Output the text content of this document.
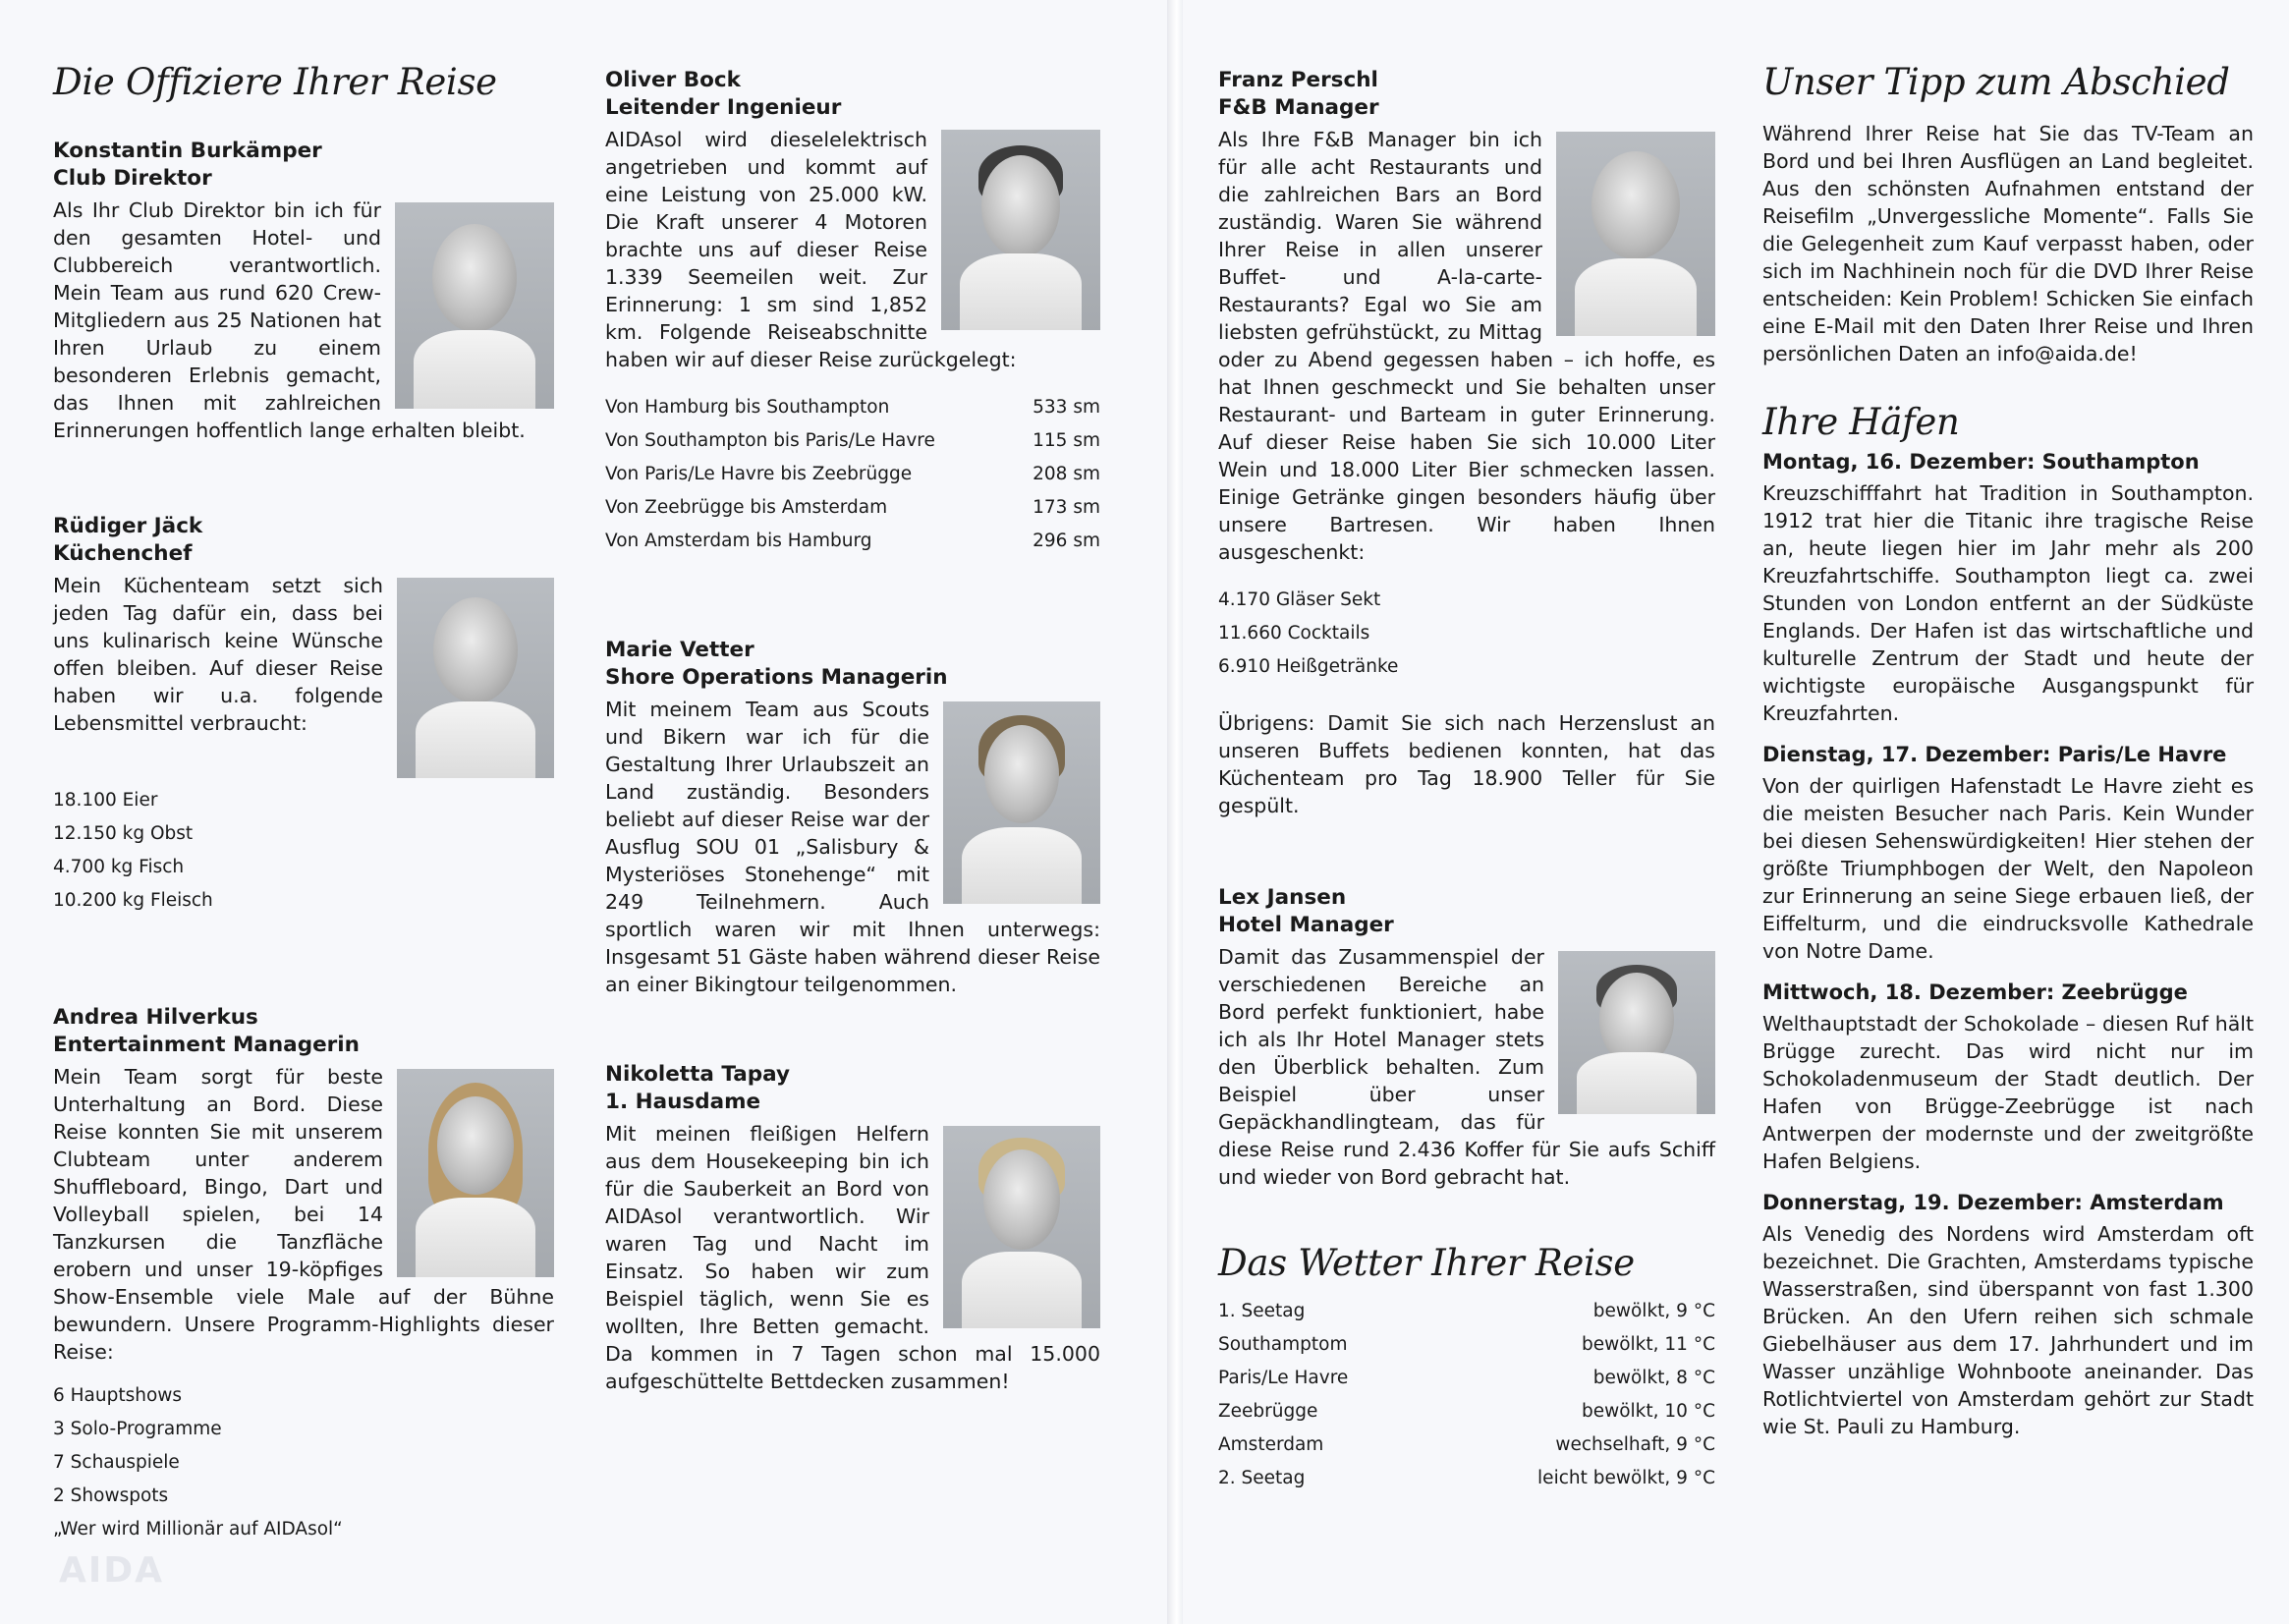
Die Offiziere Ihrer Reise

Konstantin Burkämper

Club Direktor

Als Ihr Club Direktor bin ich für den gesamten Hotel- und Clubbereich verantwortlich. Mein Team aus rund 620 Crew-Mitgliedern aus 25 Nationen hat Ihren Urlaub zu einem besonderen Erlebnis gemacht, das Ihnen mit zahlreichen Erinnerungen hoffentlich lange erhalten bleibt.

Rüdiger Jäck

Küchenchef

Mein Küchenteam setzt sich jeden Tag dafür ein, dass bei uns kulinarisch keine Wünsche offen bleiben. Auf dieser Reise haben wir u.a. folgende Lebensmittel verbraucht:

18.100 Eier
12.150 kg Obst
4.700 kg Fisch
10.200 kg Fleisch

Andrea Hilverkus

Entertainment Managerin

Mein Team sorgt für beste Unterhaltung an Bord. Diese Reise konnten Sie mit unserem Clubteam unter anderem Shuffleboard, Bingo, Dart und Volleyball spielen, bei 14 Tanzkursen die Tanzfläche erobern und unser 19-köpfiges Show-Ensemble viele Male auf der Bühne bewundern. Unsere Programm-Highlights dieser Reise:

6 Hauptshows
3 Solo-Programme
7 Schauspiele
2 Showspots
„Wer wird Millionär auf AIDAsol“

Oliver Bock

Leitender Ingenieur

AIDAsol wird dieselelektrisch angetrieben und kommt auf eine Leistung von 25.000 kW. Die Kraft unserer 4 Motoren brachte uns auf dieser Reise 1.339 Seemeilen weit. Zur Erinnerung: 1 sm sind 1,852 km. Folgende Reiseabschnitte haben wir auf dieser Reise zurückgelegt:

Von Hamburg bis Southampton	533 sm
Von Southampton bis Paris/Le Havre	115 sm
Von Paris/Le Havre bis Zeebrügge	208 sm
Von Zeebrügge bis Amsterdam	173 sm
Von Amsterdam bis Hamburg	296 sm

Marie Vetter

Shore Operations Managerin

Mit meinem Team aus Scouts und Bikern war ich für die Gestaltung Ihrer Urlaubszeit an Land zuständig. Besonders beliebt auf dieser Reise war der Ausflug SOU 01 „Salisbury & Mysteriöses Stonehenge“ mit 249 Teilnehmern. Auch sportlich waren wir mit Ihnen unterwegs: Insgesamt 51 Gäste haben während dieser Reise an einer Bikingtour teilgenommen.

Nikoletta Tapay

1. Hausdame

Mit meinen fleißigen Helfern aus dem Housekeeping bin ich für die Sauberkeit an Bord von AIDAsol verantwortlich. Wir waren Tag und Nacht im Einsatz. So haben wir zum Beispiel täglich, wenn Sie es wollten, Ihre Betten gemacht. Da kommen in 7 Tagen schon mal 15.000 aufgeschüttelte Bettdecken zusammen!

AIDA

Franz Perschl

F&B Manager

Als Ihre F&B Manager bin ich für alle acht Restaurants und die zahlreichen Bars an Bord zuständig. Waren Sie während Ihrer Reise in allen unserer Buffet- und A-la-carte-Restaurants? Egal wo Sie am liebsten gefrühstückt, zu Mittag oder zu Abend gegessen haben – ich hoffe, es hat Ihnen geschmeckt und Sie behalten unser Restaurant- und Barteam in guter Erinnerung. Auf dieser Reise haben Sie sich 10.000 Liter Wein und 18.000 Liter Bier schmecken lassen. Einige Getränke gingen besonders häufig über unsere Bartresen. Wir haben Ihnen ausgeschenkt:

4.170 Gläser Sekt
11.660 Cocktails
6.910 Heißgetränke

Übrigens: Damit Sie sich nach Herzenslust an unseren Buffets bedienen konnten, hat das Küchenteam pro Tag 18.900 Teller für Sie gespült.

Lex Jansen

Hotel Manager

Damit das Zusammenspiel der verschiedenen Bereiche an Bord perfekt funktioniert, habe ich als Ihr Hotel Manager stets den Überblick behalten. Zum Beispiel über unser Gepäckhandlingteam, das für diese Reise rund 2.436 Koffer für Sie aufs Schiff und wieder von Bord gebracht hat.

Das Wetter Ihrer Reise
1. Seetag	bewölkt, 9 °C
Southamptom	bewölkt, 11 °C
Paris/Le Havre	bewölkt, 8 °C
Zeebrügge	bewölkt, 10 °C
Amsterdam	wechselhaft, 9 °C
2. Seetag	leicht bewölkt, 9 °C
Unser Tipp zum Abschied

Während Ihrer Reise hat Sie das TV-Team an Bord und bei Ihren Ausflügen an Land begleitet. Aus den schönsten Aufnahmen entstand der Reisefilm „Unvergessliche Momente“. Falls Sie die Gelegenheit zum Kauf verpasst haben, oder sich im Nachhinein noch für die DVD Ihrer Reise entscheiden: Kein Problem! Schicken Sie einfach eine E-Mail mit den Daten Ihrer Reise und Ihren persönlichen Daten an info@aida.de!

Ihre Häfen

Montag, 16. Dezember: Southampton

Kreuzschifffahrt hat Tradition in Southampton. 1912 trat hier die Titanic ihre tragische Reise an, heute liegen hier im Jahr mehr als 200 Kreuzfahrtschiffe. Southampton liegt ca. zwei Stunden von London entfernt an der Südküste Englands. Der Hafen ist das wirtschaftliche und kulturelle Zentrum der Stadt und heute der wichtigste europäische Ausgangspunkt für Kreuzfahrten.

Dienstag, 17. Dezember: Paris/Le Havre

Von der quirligen Hafenstadt Le Havre zieht es die meisten Besucher nach Paris. Kein Wunder bei diesen Sehenswürdigkeiten! Hier stehen der größte Triumphbogen der Welt, den Napoleon zur Erinnerung an seine Siege erbauen ließ, der Eiffelturm, und die eindrucksvolle Kathedrale von Notre Dame.

Mittwoch, 18. Dezember: Zeebrügge

Welthauptstadt der Schokolade – diesen Ruf hält Brügge zurecht. Das wird nicht nur im Schokoladenmuseum der Stadt deutlich. Der Hafen von Brügge-Zeebrügge ist nach Antwerpen der modernste und der zweitgrößte Hafen Belgiens.

Donnerstag, 19. Dezember: Amsterdam

Als Venedig des Nordens wird Amsterdam oft bezeichnet. Die Grachten, Amsterdams typische Wasserstraßen, sind überspannt von fast 1.300 Brücken. An den Ufern reihen sich schmale Giebelhäuser aus dem 17. Jahrhundert und im Wasser unzählige Wohnboote aneinander. Das Rotlichtviertel von Amsterdam gehört zur Stadt wie St. Pauli zu Hamburg.
